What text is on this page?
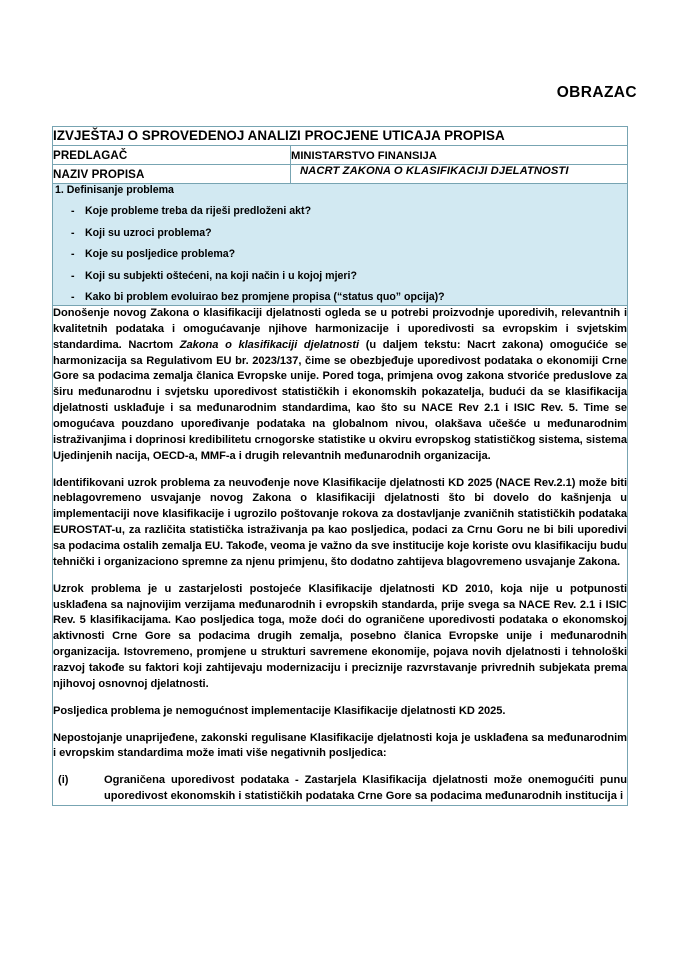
OBRAZAC
IZVJEŠTAJ O SPROVEDENOJ ANALIZI PROCJENE UTICAJA PROPISA	
PREDLAGAČ	MINISTARSTVO FINANSIJA
NAZIV PROPISA	NACRT ZAKONA O KLASIFIKACIJI DJELATNOSTI

1. Definisanje problema
- Koje probleme treba da riješi predloženi akt?
- Koji su uzroci problema?
- Koje su posljedice problema?
- Koji su subjekti oštećeni, na koji način i u kojoj mjeri?
- Kako bi problem evoluirao bez promjene propisa (“status quo” opcija)?

Donošenje novog Zakona o klasifikaciji djelatnosti ogleda se u potrebi proizvodnje uporedivih, relevantnih i kvalitetnih podataka i omogućavanje njihove harmonizacije i uporedivosti sa evropskim i svjetskim standardima. Nacrtom Zakona o klasifikaciji djelatnosti (u daljem tekstu: Nacrt zakona) omogućiće se harmonizacija sa Regulativom EU br. 2023/137, čime se obezbjeđuje uporedivost podataka o ekonomiji Crne Gore sa podacima zemalja članica Evropske unije. Pored toga, primjena ovog zakona stvoriće preduslove za širu međunarodnu i svjetsku uporedivost statističkih i ekonomskih pokazatelja, budući da se klasifikacija djelatnosti usklađuje i sa međunarodnim standardima, kao što su NACE Rev 2.1 i ISIC Rev. 5. Time se omogućava pouzdano upoređivanje podataka na globalnom nivou, olakšava učešće u međunarodnim istraživanjima i doprinosi kredibilitetu crnogorske statistike u okviru evropskog statističkog sistema, sistema Ujedinjenih nacija, OECD-a, MMF-a i drugih relevantnih međunarodnih organizacija.

Identifikovani uzrok problema za neuvođenje nove Klasifikacije djelatnosti KD 2025 (NACE Rev.2.1) može biti neblagovremeno usvajanje novog Zakona o klasifikaciji djelatnosti što bi dovelo do kašnjenja u implementaciji nove klasifikacije i ugrozilo poštovanje rokova za dostavljanje zvaničnih statističkih podataka EUROSTAT-u, za različita statistička istraživanja pa kao posljedica, podaci za Crnu Goru ne bi bili uporedivi sa podacima ostalih zemalja EU. Takođe, veoma je važno da sve institucije koje koriste ovu klasifikaciju budu tehnički i organizaciono spremne za njenu primjenu, što dodatno zahtijeva blagovremeno usvajanje Zakona.

Uzrok problema je u zastarjelosti postojeće Klasifikacije djelatnosti KD 2010, koja nije u potpunosti usklađena sa najnovijim verzijama međunarodnih i evropskih standarda, prije svega sa NACE Rev. 2.1 i ISIC Rev. 5 klasifikacijama. Kao posljedica toga, može doći do ograničene uporedivosti podataka o ekonomskoj aktivnosti Crne Gore sa podacima drugih zemalja, posebno članica Evropske unije i međunarodnih organizacija. Istovremeno, promjene u strukturi savremene ekonomije, pojava novih djelatnosti i tehnološki razvoj takođe su faktori koji zahtijevaju modernizaciju i preciznije razvrstavanje privrednih subjekata prema njihovoj osnovnoj djelatnosti.

Posljedica problema je nemogućnost implementacije Klasifikacije djelatnosti KD 2025.

Nepostojanje unaprijeđene, zakonski regulisane Klasifikacije djelatnosti koja je usklađena sa međunarodnim i evropskim standardima može imati više negativnih posljedica:

(i)	Ograničena uporedivost podataka - Zastarjela Klasifikacija djelatnosti može onemogućiti punu uporedivost ekonomskih i statističkih podataka Crne Gore sa podacima međunarodnih institucija i
